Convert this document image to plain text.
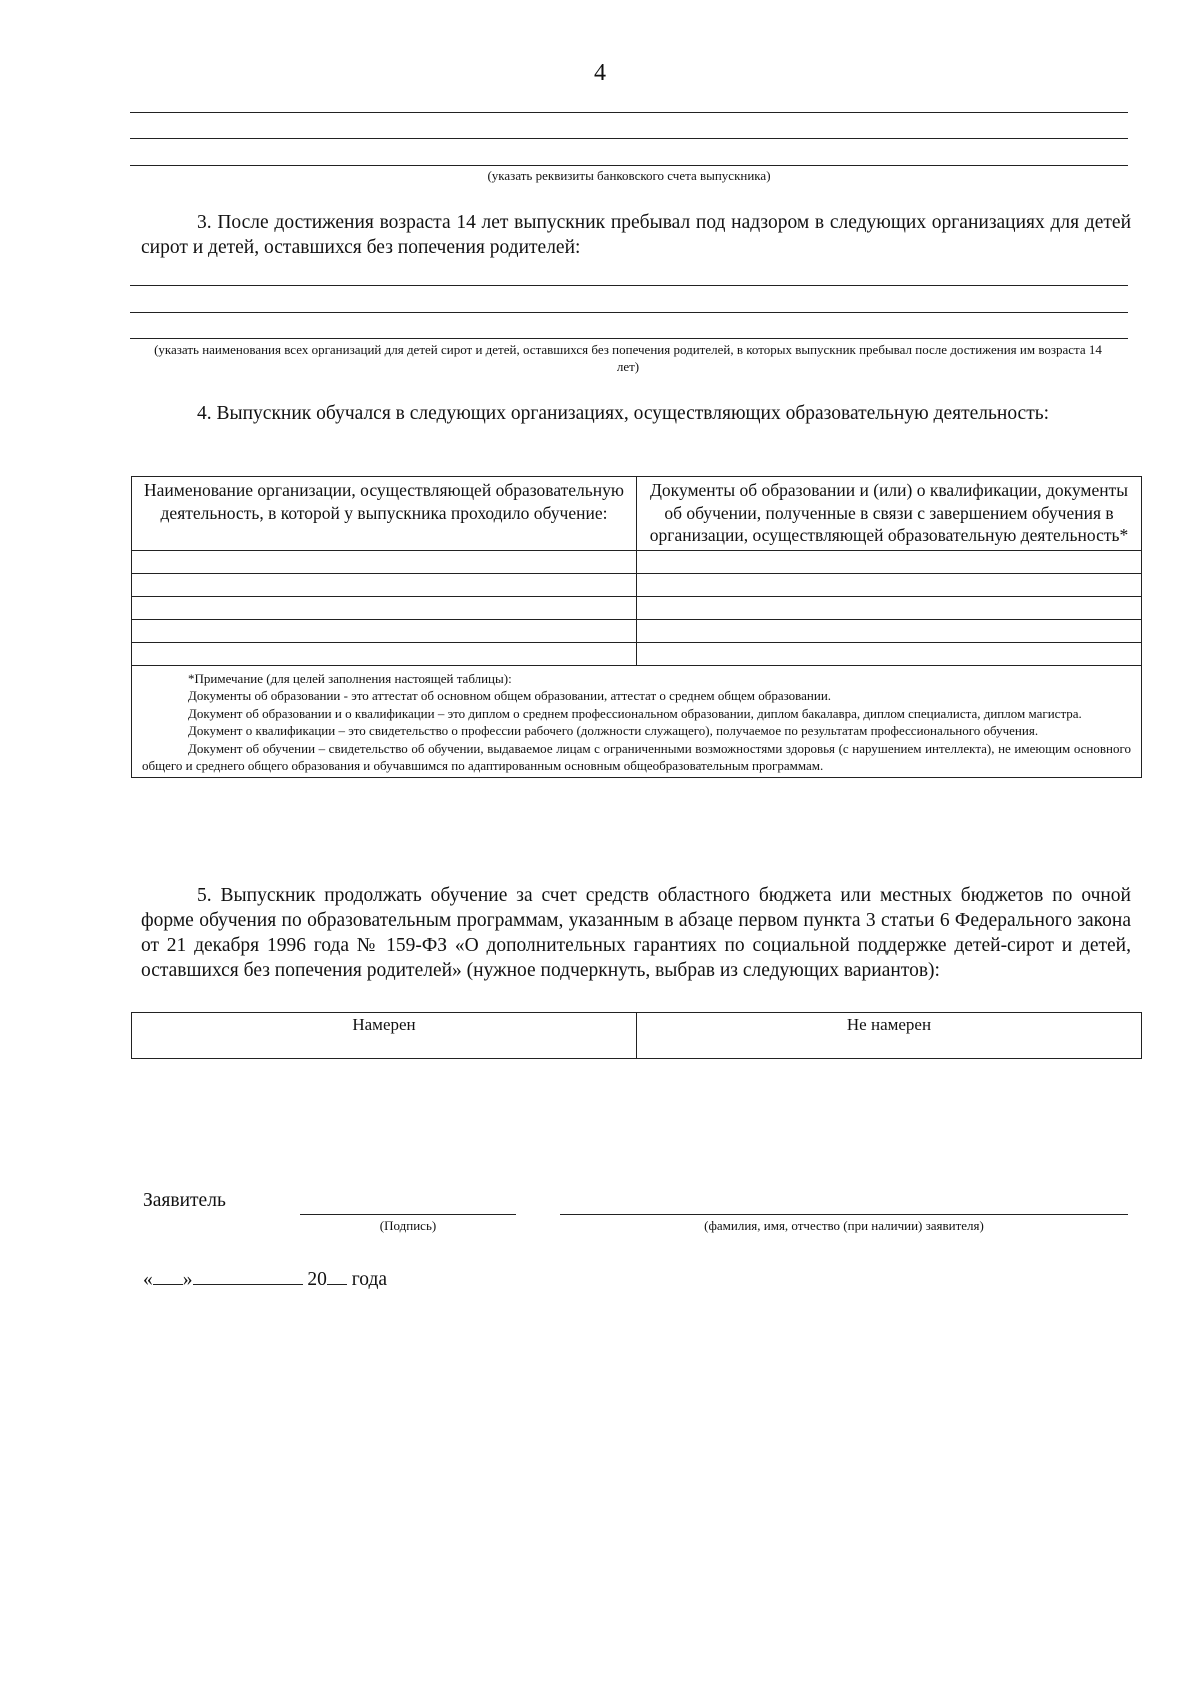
4
(указать реквизиты банковского счета выпускника)
3. После достижения возраста 14 лет выпускник пребывал под надзором в следующих организациях для детей сирот и детей, оставшихся без попечения родителей:
(указать наименования всех организаций для детей сирот и детей, оставшихся без попечения родителей, в которых выпускник пребывал после достижения им возраста 14 лет)
4. Выпускник обучался в следующих организациях, осуществляющих образовательную деятельность:
Наименование организации, осуществляющей образовательную деятельность, в которой у выпускника проходило обучение:	Документы об образовании и (или) о квалификации, документы об обучении, полученные в связи с завершением обучения в организации, осуществляющей образовательную деятельность*

*Примечание (для целей заполнения настоящей таблицы):

Документы об образовании - это аттестат об основном общем образовании, аттестат о среднем общем образовании.

Документ об образовании и о квалификации – это диплом о среднем профессиональном образовании, диплом бакалавра, диплом специалиста, диплом магистра.

Документ о квалификации – это свидетельство о профессии рабочего (должности служащего), получаемое по результатам профессионального обучения.

Документ об обучении – свидетельство об обучении, выдаваемое лицам с ограниченными возможностями здоровья (с нарушением интеллекта), не имеющим основного общего и среднего общего образования и обучавшимся по адаптированным основным общеобразовательным программам.	

5. Выпускник продолжать обучение за счет средств областного бюджета или местных бюджетов по очной форме обучения по образовательным программам, указанным в абзаце первом пункта 3 статьи 6 Федерального закона от 21 декабря 1996 года № 159-ФЗ «О дополнительных гарантиях по социальной поддержке детей-сирот и детей, оставшихся без попечения родителей» (нужное подчеркнуть, выбрав из следующих вариантов):
Намерен	Не намерен
Заявитель
(Подпись)	(фамилия, имя, отчество (при наличии) заявителя)
« »	20 года
